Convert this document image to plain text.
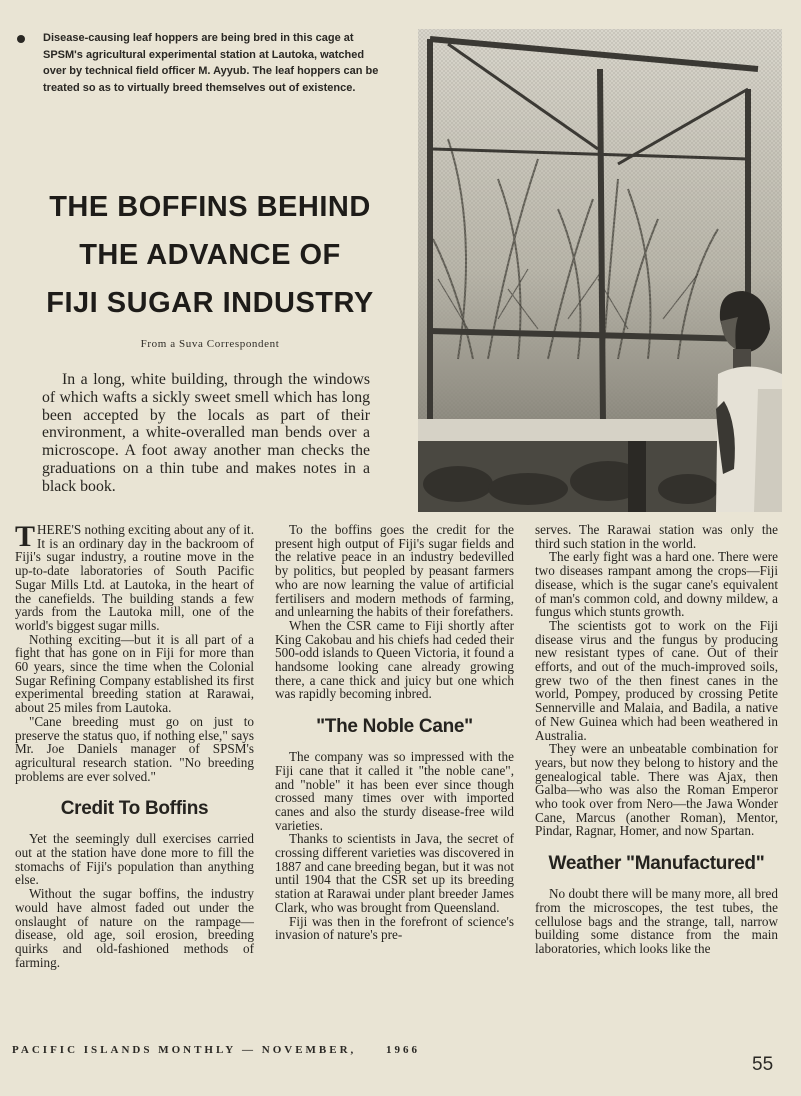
Disease-causing leaf hoppers are being bred in this cage at SPSM's agricultural experimental station at Lautoka, watched over by technical field officer M. Ayyub. The leaf hoppers can be treated so as to virtually breed themselves out of existence.
THE BOFFINS BEHIND
THE ADVANCE OF
FIJI SUGAR INDUSTRY
From a Suva Correspondent
In a long, white building, through the windows of which wafts a sickly sweet smell which has long been accepted by the locals as part of their environment, a white-overalled man bends over a microscope. A foot away another man checks the graduations on a thin tube and makes notes in a black book.

THERE'S nothing exciting about any of it. It is an ordinary day in the backroom of Fiji's sugar industry, a routine move in the up-to-date laboratories of South Pacific Sugar Mills Ltd. at Lautoka, in the heart of the canefields. The building stands a few yards from the Lautoka mill, one of the world's biggest sugar mills.

Nothing exciting—but it is all part of a fight that has gone on in Fiji for more than 60 years, since the time when the Colonial Sugar Refining Company established its first experimental breeding station at Rarawai, about 25 miles from Lautoka.

"Cane breeding must go on just to preserve the status quo, if nothing else," says Mr. Joe Daniels manager of SPSM's agricultural research station. "No breeding problems are ever solved."

Credit To Boffins

Yet the seemingly dull exercises carried out at the station have done more to fill the stomachs of Fiji's population than anything else.

Without the sugar boffins, the industry would have almost faded out under the onslaught of nature on the rampage—disease, old age, soil erosion, breeding quirks and old-fashioned methods of farming.

To the boffins goes the credit for the present high output of Fiji's sugar fields and the relative peace in an industry bedevilled by politics, but peopled by peasant farmers who are now learning the value of artificial fertilisers and modern methods of farming, and unlearning the habits of their forefathers.

When the CSR came to Fiji shortly after King Cakobau and his chiefs had ceded their 500-odd islands to Queen Victoria, it found a handsome looking cane already growing there, a cane thick and juicy but one which was rapidly becoming inbred.

"The Noble Cane"

The company was so impressed with the Fiji cane that it called it "the noble cane", and "noble" it has been ever since though crossed many times over with imported canes and also the sturdy disease-free wild varieties.

Thanks to scientists in Java, the secret of crossing different varieties was discovered in 1887 and cane breeding began, but it was not until 1904 that the CSR set up its breeding station at Rarawai under plant breeder James Clark, who was brought from Queensland.

Fiji was then in the forefront of science's invasion of nature's pre-

serves. The Rarawai station was only the third such station in the world.

The early fight was a hard one. There were two diseases rampant among the crops—Fiji disease, which is the sugar cane's equivalent of man's common cold, and downy mildew, a fungus which stunts growth.

The scientists got to work on the Fiji disease virus and the fungus by producing new resistant types of cane. Out of their efforts, and out of the much-improved soils, grew two of the then finest canes in the world, Pompey, produced by crossing Petite Sennerville and Malaia, and Badila, a native of New Guinea which had been weathered in Australia.

They were an unbeatable combination for years, but now they belong to history and the genealogical table. There was Ajax, then Galba—who was also the Roman Emperor who took over from Nero—the Jawa Wonder Cane, Marcus (another Roman), Mentor, Pindar, Ragnar, Homer, and now Spartan.

Weather "Manufactured"

No doubt there will be many more, all bred from the microscopes, the test tubes, the cellulose bags and the strange, tall, narrow building some distance from the main laboratories, which looks like the

PACIFIC ISLANDS MONTHLY — NOVEMBER,	1966
55
